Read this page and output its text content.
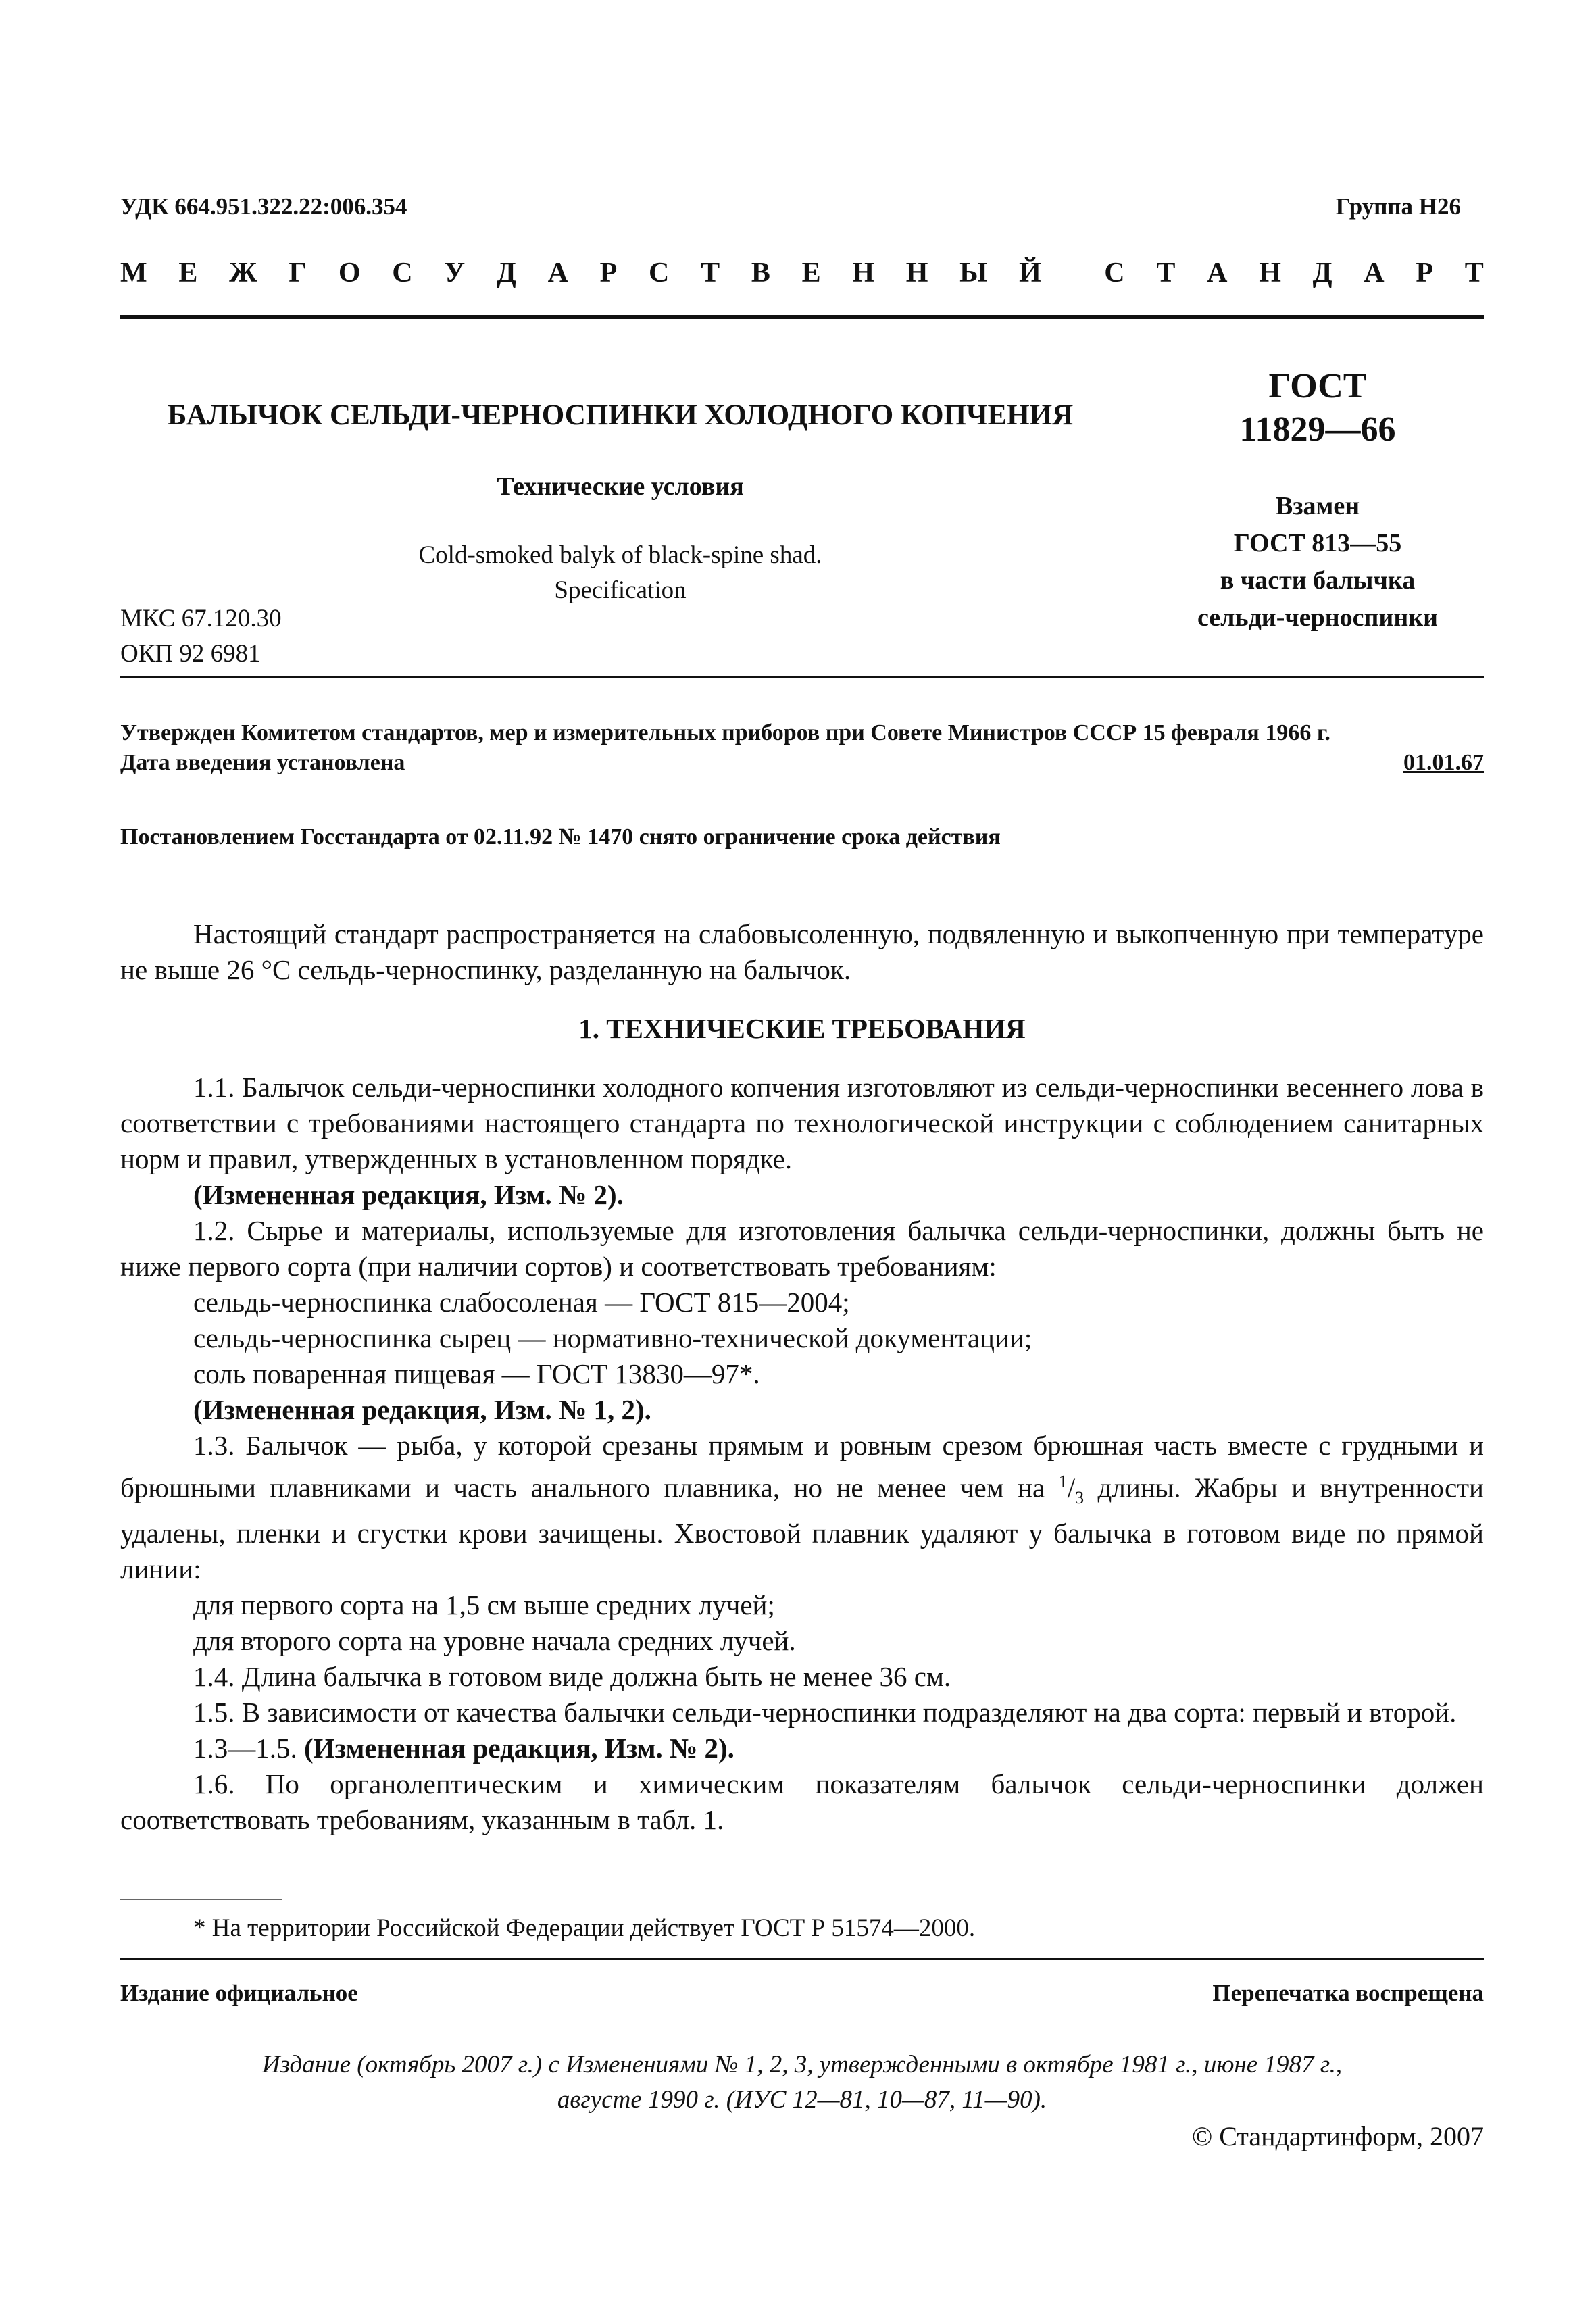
УДК 664.951.322.22:006.354	Группа Н26
М Е Ж Г О С У Д А Р С Т В Е Н Н Ы Й С Т А Н Д А Р Т
БАЛЫЧОК СЕЛЬДИ-ЧЕРНОСПИНКИ ХОЛОДНОГО КОПЧЕНИЯ
ГОСТ
11829—66
Технические условия
Cold-smoked balyk of black-spine shad.
Specification
Взамен
ГОСТ 813—55
в части балычка
сельди-черноспинки
МКС 67.120.30
ОКП 92 6981
Утвержден Комитетом стандартов, мер и измерительных приборов при Совете Министров СССР 15 февраля 1966 г.
Дата введения установлена	01.01.67
Постановлением Госстандарта от 02.11.92 № 1470 снято ограничение срока действия

Настоящий стандарт распространяется на слабовысоленную, подвяленную и выкопченную при температуре не выше 26 °С сельдь-черноспинку, разделанную на балычок.

1. ТЕХНИЧЕСКИЕ ТРЕБОВАНИЯ

1.1. Балычок сельди-черноспинки холодного копчения изготовляют из сельди-черноспинки весеннего лова в соответствии с требованиями настоящего стандарта по технологической инструкции с соблюдением санитарных норм и правил, утвержденных в установленном порядке.

(Измененная редакция, Изм. № 2).

1.2. Сырье и материалы, используемые для изготовления балычка сельди-черноспинки, должны быть не ниже первого сорта (при наличии сортов) и соответствовать требованиям:

сельдь-черноспинка слабосоленая — ГОСТ 815—2004;

сельдь-черноспинка сырец — нормативно-технической документации;

соль поваренная пищевая — ГОСТ 13830—97*.

(Измененная редакция, Изм. № 1, 2).

1.3. Балычок — рыба, у которой срезаны прямым и ровным срезом брюшная часть вместе с грудными и брюшными плавниками и часть анального плавника, но не менее чем на $^1/_3$ длины. Жабры и внутренности удалены, пленки и сгустки крови зачищены. Хвостовой плавник удаляют у балычка в готовом виде по прямой линии:

для первого сорта на 1,5 см выше средних лучей;

для второго сорта на уровне начала средних лучей.

1.4. Длина балычка в готовом виде должна быть не менее 36 см.

1.5. В зависимости от качества балычки сельди-черноспинки подразделяют на два сорта: первый и второй.

1.3—1.5. (Измененная редакция, Изм. № 2).

1.6. По органолептическим и химическим показателям балычок сельди-черноспинки должен соответствовать требованиям, указанным в табл. 1.

* На территории Российской Федерации действует ГОСТ Р 51574—2000.
Издание официальное	Перепечатка воспрещена
Издание (октябрь 2007 г.) с Изменениями № 1, 2, 3, утвержденными в октябре 1981 г., июне 1987 г.,
августе 1990 г. (ИУС 12—81, 10—87, 11—90).
© Стандартинформ, 2007
